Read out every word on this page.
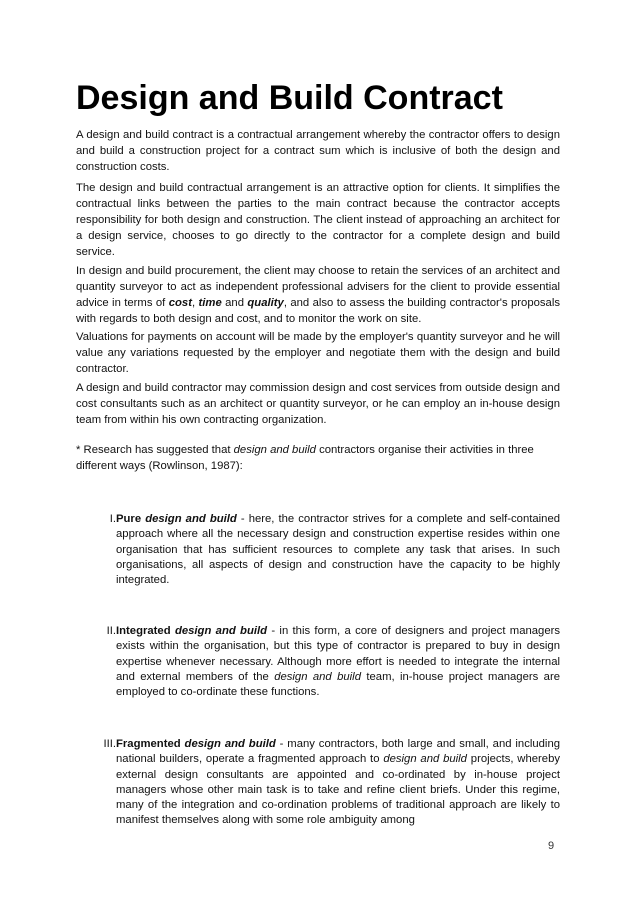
Design and Build Contract

A design and build contract is a contractual arrangement whereby the contractor offers to design and build a construction project for a contract sum which is inclusive of both the design and construction costs.

The design and build contractual arrangement is an attractive option for clients. It simplifies the contractual links between the parties to the main contract because the contractor accepts responsibility for both design and construction. The client instead of approaching an architect for a design service, chooses to go directly to the contractor for a complete design and build service.

In design and build procurement, the client may choose to retain the services of an architect and quantity surveyor to act as independent professional advisers for the client to provide essential advice in terms of cost, time and quality, and also to assess the building contractor's proposals with regards to both design and cost, and to monitor the work on site.

Valuations for payments on account will be made by the employer's quantity surveyor and he will value any variations requested by the employer and negotiate them with the design and build contractor.

A design and build contractor may commission design and cost services from outside design and cost consultants such as an architect or quantity surveyor, or he can employ an in-house design team from within his own contracting organization.

* Research has suggested that design and build contractors organise their activities in three different ways (Rowlinson, 1987):

I. Pure design and build - here, the contractor strives for a complete and self-contained approach where all the necessary design and construction expertise resides within one organisation that has sufficient resources to complete any task that arises. In such organisations, all aspects of design and construction have the capacity to be highly integrated.

II. Integrated design and build - in this form, a core of designers and project managers exists within the organisation, but this type of contractor is prepared to buy in design expertise whenever necessary. Although more effort is needed to integrate the internal and external members of the design and build team, in-house project managers are employed to co-ordinate these functions.

III. Fragmented design and build - many contractors, both large and small, and including national builders, operate a fragmented approach to design and build projects, whereby external design consultants are appointed and co-ordinated by in-house project managers whose other main task is to take and refine client briefs. Under this regime, many of the integration and co-ordination problems of traditional approach are likely to manifest themselves along with some role ambiguity among

9
